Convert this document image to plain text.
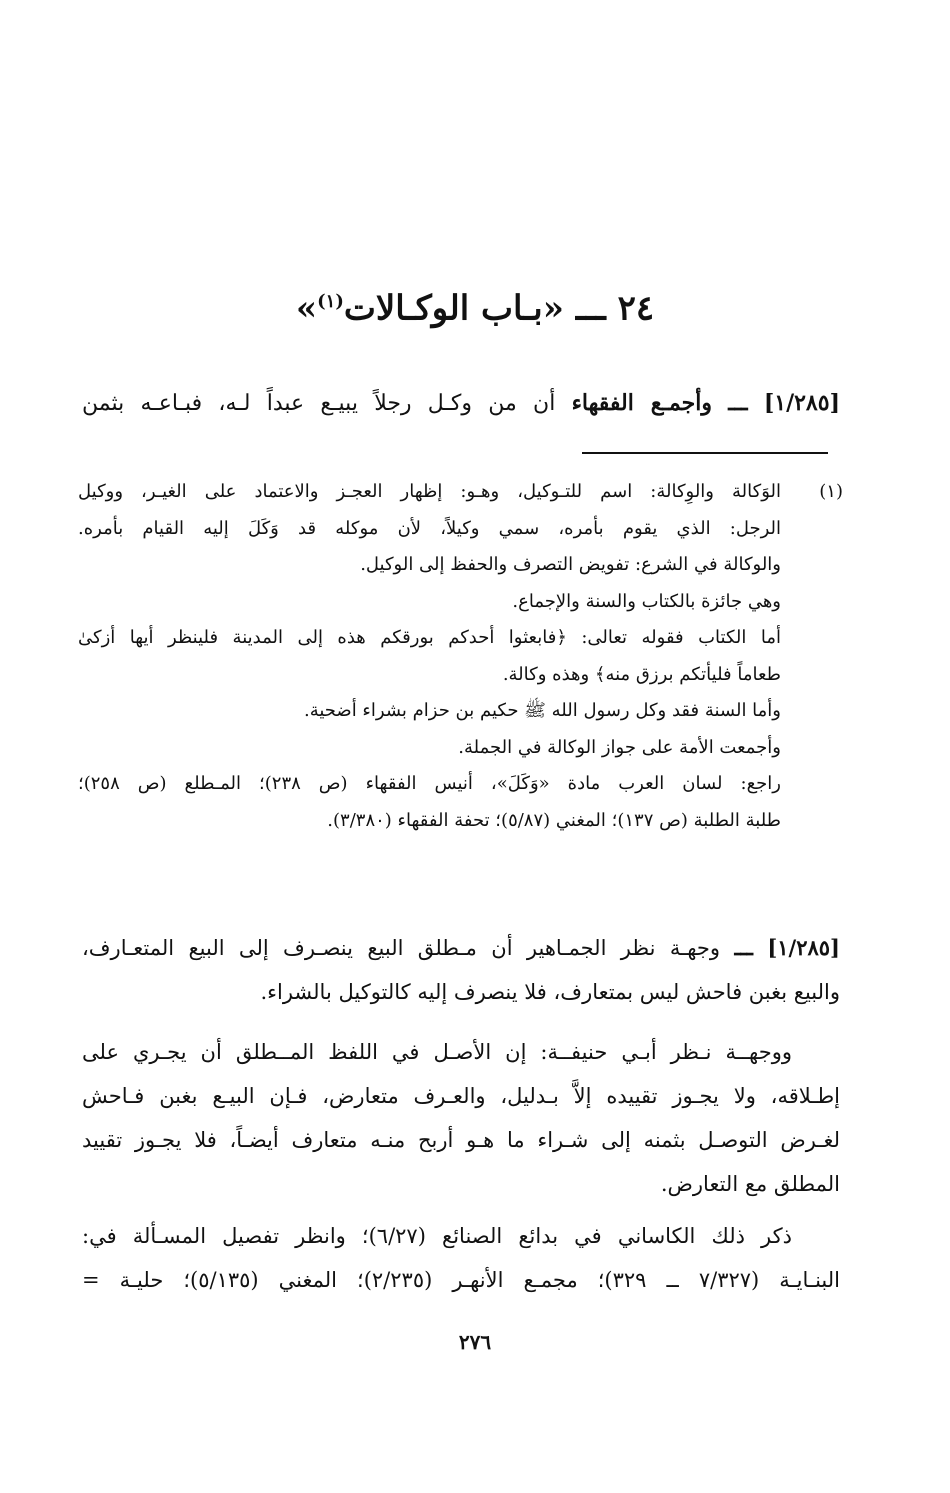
٢٤ ـــ «بـاب الوكـالات$^{(١)}$»
[١/٢٨٥] ـــ وأجمـع الفقهاء أن من وكـل رجلاً يبيـع عبداً لـه، فبـاعـه بثمن
(١)الوَكالة والوِكالة: اسم للتـوكيل، وهـو: إظهار العجـز والاعتماد على الغيـر، ووكيل
الرجل: الذي يقوم بأمره، سمي وكيلاً، لأن موكله قد وَكَلَ إليه القيام بأمره.
والوكالة في الشرع: تفويض التصرف والحفظ إلى الوكيل.
وهي جائزة بالكتاب والسنة والإجماع.
أما الكتاب فقوله تعالى: ﴿فابعثوا أحدكم بورقكم هذه إلى المدينة فلينظر أيها أزكىٰ
طعاماً فليأتكم برزق منه﴾ وهذه وكالة.
وأما السنة فقد وكل رسول الله ﷺ حكيم بن حزام بشراء أضحية.
وأجمعت الأمة على جواز الوكالة في الجملة.
راجع: لسان العرب مادة «وَكَلَ»، أنيس الفقهاء (ص ٢٣٨)؛ المـطلع (ص ٢٥٨)؛
طلبة الطلبة (ص ١٣٧)؛ المغني (٥/٨٧)؛ تحفة الفقهاء (٣/٣٨٠).
[١/٢٨٥] ـــ وجهـة نظر الجمـاهير أن مـطلق البيع ينصـرف إلى البيع المتعـارف،
والبيع بغبن فاحش ليس بمتعارف، فلا ينصرف إليه كالتوكيل بالشراء.
ووجهــة نـظر أبـي حنيفــة: إن الأصـل في اللفظ المــطلق أن يجـري على
إطـلاقه، ولا يجـوز تقييده إلاَّ بـدليل، والعـرف متعارض، فـإن البيـع بغبن فـاحش
لغـرض التوصـل بثمنه إلى شـراء ما هـو أربح منـه متعارف أيضـاً، فلا يجـوز تقييد
المطلق مع التعارض.
ذكر ذلك الكاساني في بدائع الصنائع (٦/٢٧)؛ وانظر تفصيل المسـألة في:
البنـايـة (٧/٣٢٧ ــ ٣٢٩)؛ مجمـع الأنهـر (٢/٢٣٥)؛ المغني (٥/١٣٥)؛ حليـة =
٢٧٦
